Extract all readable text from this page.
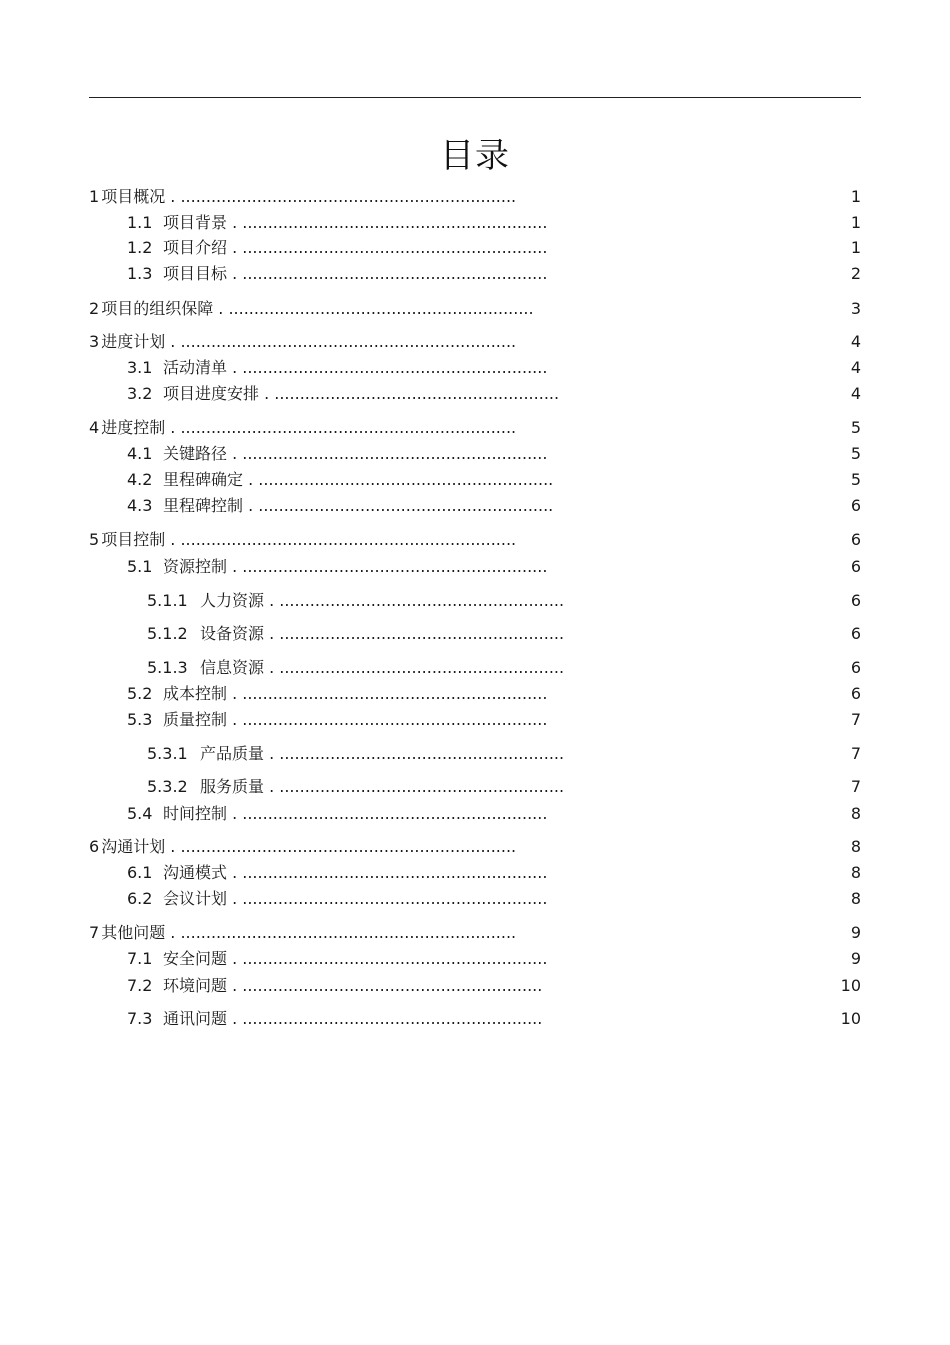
目录
1 项目概况 . ..................................................................	1
1.1 项目背景 . ............................................................	1
1.2 项目介绍 . ............................................................	1
1.3 项目目标 . ............................................................	2
2 项目的组织保障 . ............................................................	3
3 进度计划 . ..................................................................	4
3.1 活动清单 . ............................................................	4
3.2 项目进度安排 . ........................................................	4
4 进度控制 . ..................................................................	5
4.1 关键路径 . ............................................................	5
4.2 里程碑确定 . ..........................................................	5
4.3 里程碑控制 . ..........................................................	6
5 项目控制 . ..................................................................	6
5.1 资源控制 . ............................................................	6
5.1.1 人力资源 . ........................................................	6
5.1.2 设备资源 . ........................................................	6
5.1.3 信息资源 . ........................................................	6
5.2 成本控制 . ............................................................	6
5.3 质量控制 . ............................................................	7
5.3.1 产品质量 . ........................................................	7
5.3.2 服务质量 . ........................................................	7
5.4 时间控制 . ............................................................	8
6 沟通计划 . ..................................................................	8
6.1 沟通模式 . ............................................................	8
6.2 会议计划 . ............................................................	8
7 其他问题 . ..................................................................	9
7.1 安全问题 . ............................................................	9
7.2 环境问题 . ...........................................................	10
7.3 通讯问题 . ...........................................................	10
